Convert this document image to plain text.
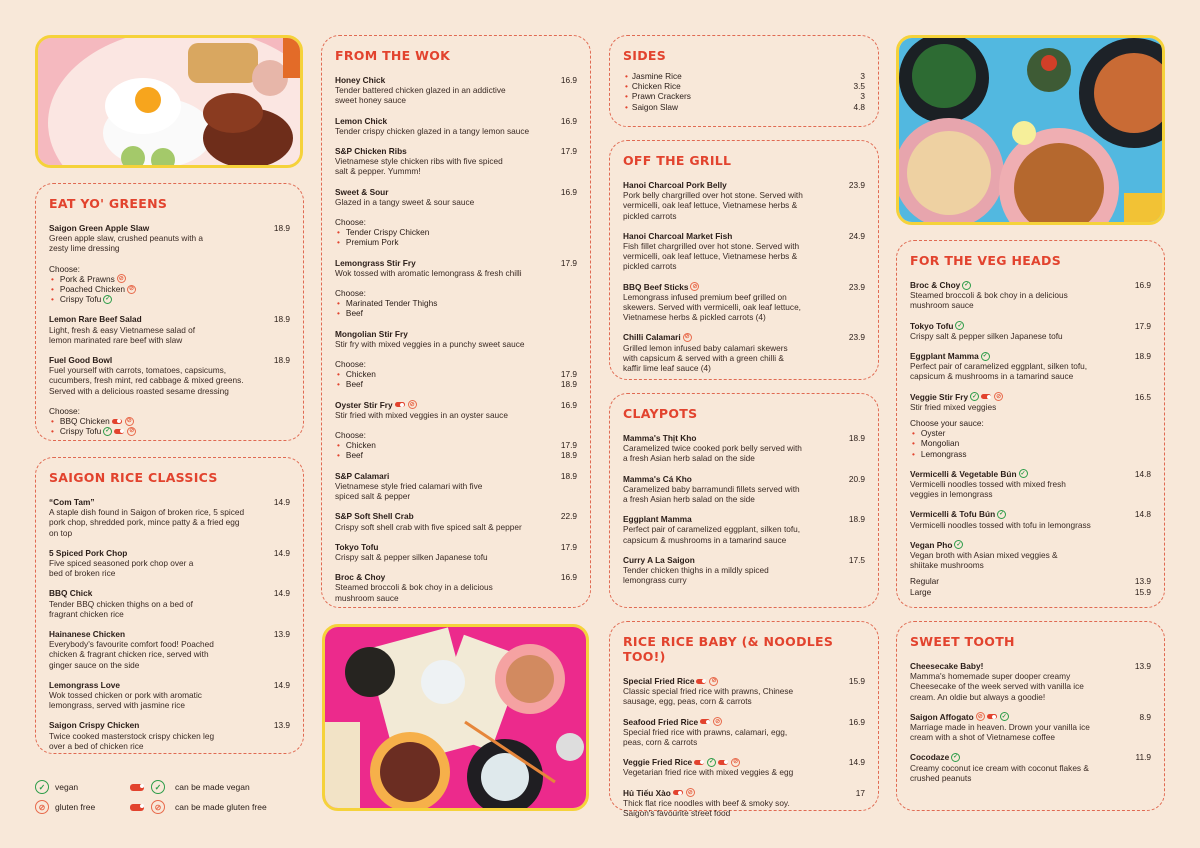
EAT YO' GREENS
Saigon Green Apple Slaw	18.9
Green apple slaw, crushed peanuts with a zesty lime dressing
Choose:
• Pork & Prawns ⊘
• Poached Chicken ⊘
• Crispy Tofu ✓
Lemon Rare Beef Salad	18.9
Light, fresh & easy Vietnamese salad of lemon marinated rare beef with slaw
Fuel Good Bowl	18.9
Fuel yourself with carrots, tomatoes, capsicums, cucumbers, fresh mint, red cabbage & mixed greens. Served with a delicious roasted sesame dressing
Choose:
• BBQ Chicken	⊘
• Crispy Tofu ✓	⊘
SAIGON RICE CLASSICS
“Com Tam”	14.9
A staple dish found in Saigon of broken rice, 5 spiced pork chop, shredded pork, mince patty & a fried egg on top
5 Spiced Pork Chop	14.9
Five spiced seasoned pork chop over a bed of broken rice
BBQ Chick	14.9
Tender BBQ chicken thighs on a bed of fragrant chicken rice
Hainanese Chicken	13.9
Everybody's favourite comfort food! Poached chicken & fragrant chicken rice, served with ginger sauce on the side
Lemongrass Love	14.9
Wok tossed chicken or pork with aromatic lemongrass, served with jasmine rice
Saigon Crispy Chicken	13.9
Twice cooked masterstock crispy chicken leg over a bed of chicken rice
✓	vegan
⊘	gluten free
✓	can be made vegan
⊘	can be made gluten free
FROM THE WOK
Honey Chick	16.9
Tender battered chicken glazed in an addictive sweet honey sauce
Lemon Chick	16.9
Tender crispy chicken glazed in a tangy lemon sauce
S&P Chicken Ribs	17.9
Vietnamese style chicken ribs with five spiced salt & pepper. Yummm!
Sweet & Sour	16.9
Glazed in a tangy sweet & sour sauce
Choose:
• Tender Crispy Chicken
• Premium Pork
Lemongrass Stir Fry	17.9
Wok tossed with aromatic lemongrass & fresh chilli
Choose:
• Marinated Tender Thighs
• Beef
Mongolian Stir Fry
Stir fry with mixed veggies in a punchy sweet sauce
Choose:
• Chicken	17.9
• Beef	18.9
Oyster Stir Fry	⊘	16.9
Stir fried with mixed veggies in an oyster sauce
Choose:
• Chicken	17.9
• Beef	18.9
S&P Calamari	18.9
Vietnamese style fried calamari with five spiced salt & pepper
S&P Soft Shell Crab	22.9
Crispy soft shell crab with five spiced salt & pepper
Tokyo Tofu	17.9
Crispy salt & pepper silken Japanese tofu
Broc & Choy	16.9
Steamed broccoli & bok choy in a delicious mushroom sauce
SIDES
• Jasmine Rice	3
• Chicken Rice	3.5
• Prawn Crackers	3
• Saigon Slaw	4.8
OFF THE GRILL
Hanoi Charcoal Pork Belly	23.9
Pork belly chargrilled over hot stone. Served with vermicelli, oak leaf lettuce, Vietnamese herbs & pickled carrots
Hanoi Charcoal Market Fish	24.9
Fish fillet chargrilled over hot stone. Served with vermicelli, oak leaf lettuce, Vietnamese herbs & pickled carrots
BBQ Beef Sticks ⊘	23.9
Lemongrass infused premium beef grilled on skewers. Served with vermicelli, oak leaf lettuce, Vietnamese herbs & pickled carrots (4)
Chilli Calamari ⊘	23.9
Grilled lemon infused baby calamari skewers with capsicum & served with a green chilli & kaffir lime leaf sauce (4)
CLAYPOTS
Mamma's Thịt Kho	18.9
Caramelized twice cooked pork belly served with a fresh Asian herb salad on the side
Mamma's Cá Kho	20.9
Caramelized baby barramundi fillets served with a fresh Asian herb salad on the side
Eggplant Mamma	18.9
Perfect pair of caramelized eggplant, silken tofu, capsicum & mushrooms in a tamarind sauce
Curry A La Saigon	17.5
Tender chicken thighs in a mildly spiced lemongrass curry
RICE RICE BABY (& NOODLES TOO!)
Special Fried Rice	⊘	15.9
Classic special fried rice with prawns, Chinese sausage, egg, peas, corn & carrots
Seafood Fried Rice	⊘	16.9
Special fried rice with prawns, calamari, egg, peas, corn & carrots
Veggie Fried Rice	✓	⊘	14.9
Vegetarian fried rice with mixed veggies & egg
Hủ Tiếu Xào	⊘	17
Thick flat rice noodles with beef & smoky soy. Saigon's favourite street food
FOR THE VEG HEADS
Broc & Choy ✓	16.9
Steamed broccoli & bok choy in a delicious mushroom sauce
Tokyo Tofu ✓	17.9
Crispy salt & pepper silken Japanese tofu
Eggplant Mamma ✓	18.9
Perfect pair of caramelized eggplant, silken tofu, capsicum & mushrooms in a tamarind sauce
Veggie Stir Fry ✓	⊘	16.5
Stir fried mixed veggies
Choose your sauce:
• Oyster
• Mongolian
• Lemongrass
Vermicelli & Vegetable Bún ✓	14.8
Vermicelli noodles tossed with mixed fresh veggies in lemongrass
Vermicelli & Tofu Bún ✓	14.8
Vermicelli noodles tossed with tofu in lemongrass
Vegan Pho ✓
Vegan broth with Asian mixed veggies & shiitake mushrooms
Regular	13.9
Large	15.9
SWEET TOOTH
Cheesecake Baby!	13.9
Mamma's homemade super dooper creamy Cheesecake of the week served with vanilla ice cream. An oldie but always a goodie!
Saigon Affogato ⊘	✓	8.9
Marriage made in heaven. Drown your vanilla ice cream with a shot of Vietnamese coffee
Cocodaze ✓	11.9
Creamy coconut ice cream with coconut flakes & crushed peanuts
